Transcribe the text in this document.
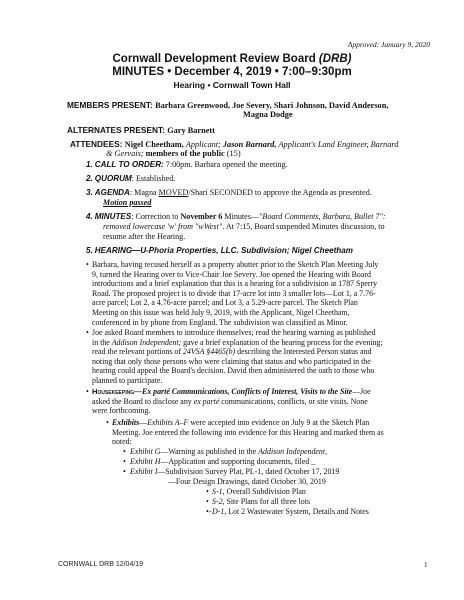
Approved: January 9, 2020
Cornwall Development Review Board (DRB)
MINUTES • December 4, 2019 • 7:00–9:30pm
Hearing • Cornwall Town Hall
MEMBERS PRESENT: Barbara Greenwood, Joe Severy, Shari Johnson, David Anderson,
Magna Dodge
ALTERNATES PRESENT: Gary Barnett
ATTENDEES: Nigel Cheetham, Applicant; Jason Barnard, Applicant's Land Engineer, Barnard
& Gervais; members of the public (15)
1. CALL TO ORDER: 7:00pm. Barbara opened the meeting.
2. QUORUM: Established.
3. AGENDA: Magna MOVED/Shari SECONDED to approve the Agenda as presented.
Motion passed
4. MINUTES: Correction to November 6 Minutes—"Board Comments, Barbara, Bullet 7":
removed lowercase 'w' from "wWest". At 7:15, Board suspended Minutes discussion, to
resume after the Hearing.
5. HEARING—U-Phoria Properties, LLC. Subdivision; Nigel Cheetham
• Barbara, having recused herself as a property abutter prior to the Sketch Plan Meeting July
9, turned the Hearing over to Vice-Chair Joe Severy. Joe opened the Hearing with Board
introductions and a brief explanation that this is a hearing for a subdivision at 1787 Sperry
Road. The proposed project is to divide that 17-acre lot into 3 smaller lots—Lot 1, a 7.76-
acre parcel; Lot 2, a 4.76-acre parcel; and Lot 3, a 5.29-acre parcel. The Sketch Plan
Meeting on this issue was held July 9, 2019, with the Applicant, Nigel Cheetham,
conferenced in by phone from England. The subdivision was classified as Minor.
• Joe asked Board members to introduce themselves; read the hearing warning as published
in the Addison Independent; gave a brief explanation of the hearing process for the evening;
read the relevant portions of 24VSA §4465(b) describing the Interested Person status and
noting that only those persons who were claiming that status and who participated in the
hearing could appeal the Board's decision. David then administered the oath to those who
planned to participate.
• Housekeeping—Ex parté Communications, Conflicts of Interest, Visits to the Site—Joe
asked the Board to disclose any ex parté communications, conflicts, or site visits. None
were forthcoming.
• Exhibits—Exhibits A–F were accepted into evidence on July 9 at the Sketch Plan
Meeting. Joe entered the following into evidence for this Hearing and marked them as
noted:
• Exhibit G—Warning as published in the Addison Independent,
• Exhibit H—Application and supporting documents, filed _
• Exhibit I—Subdivision Survey Plat, PL-1, dated October 17, 2019
—Four Design Drawings, dated October 30, 2019
• S-1, Overall Subdivision Plan
• S-2, Site Plans for all three lots
•- D-1, Lot 2 Wastewater System, Details and Notes
CORNWALL DRB 12/04/19	1
